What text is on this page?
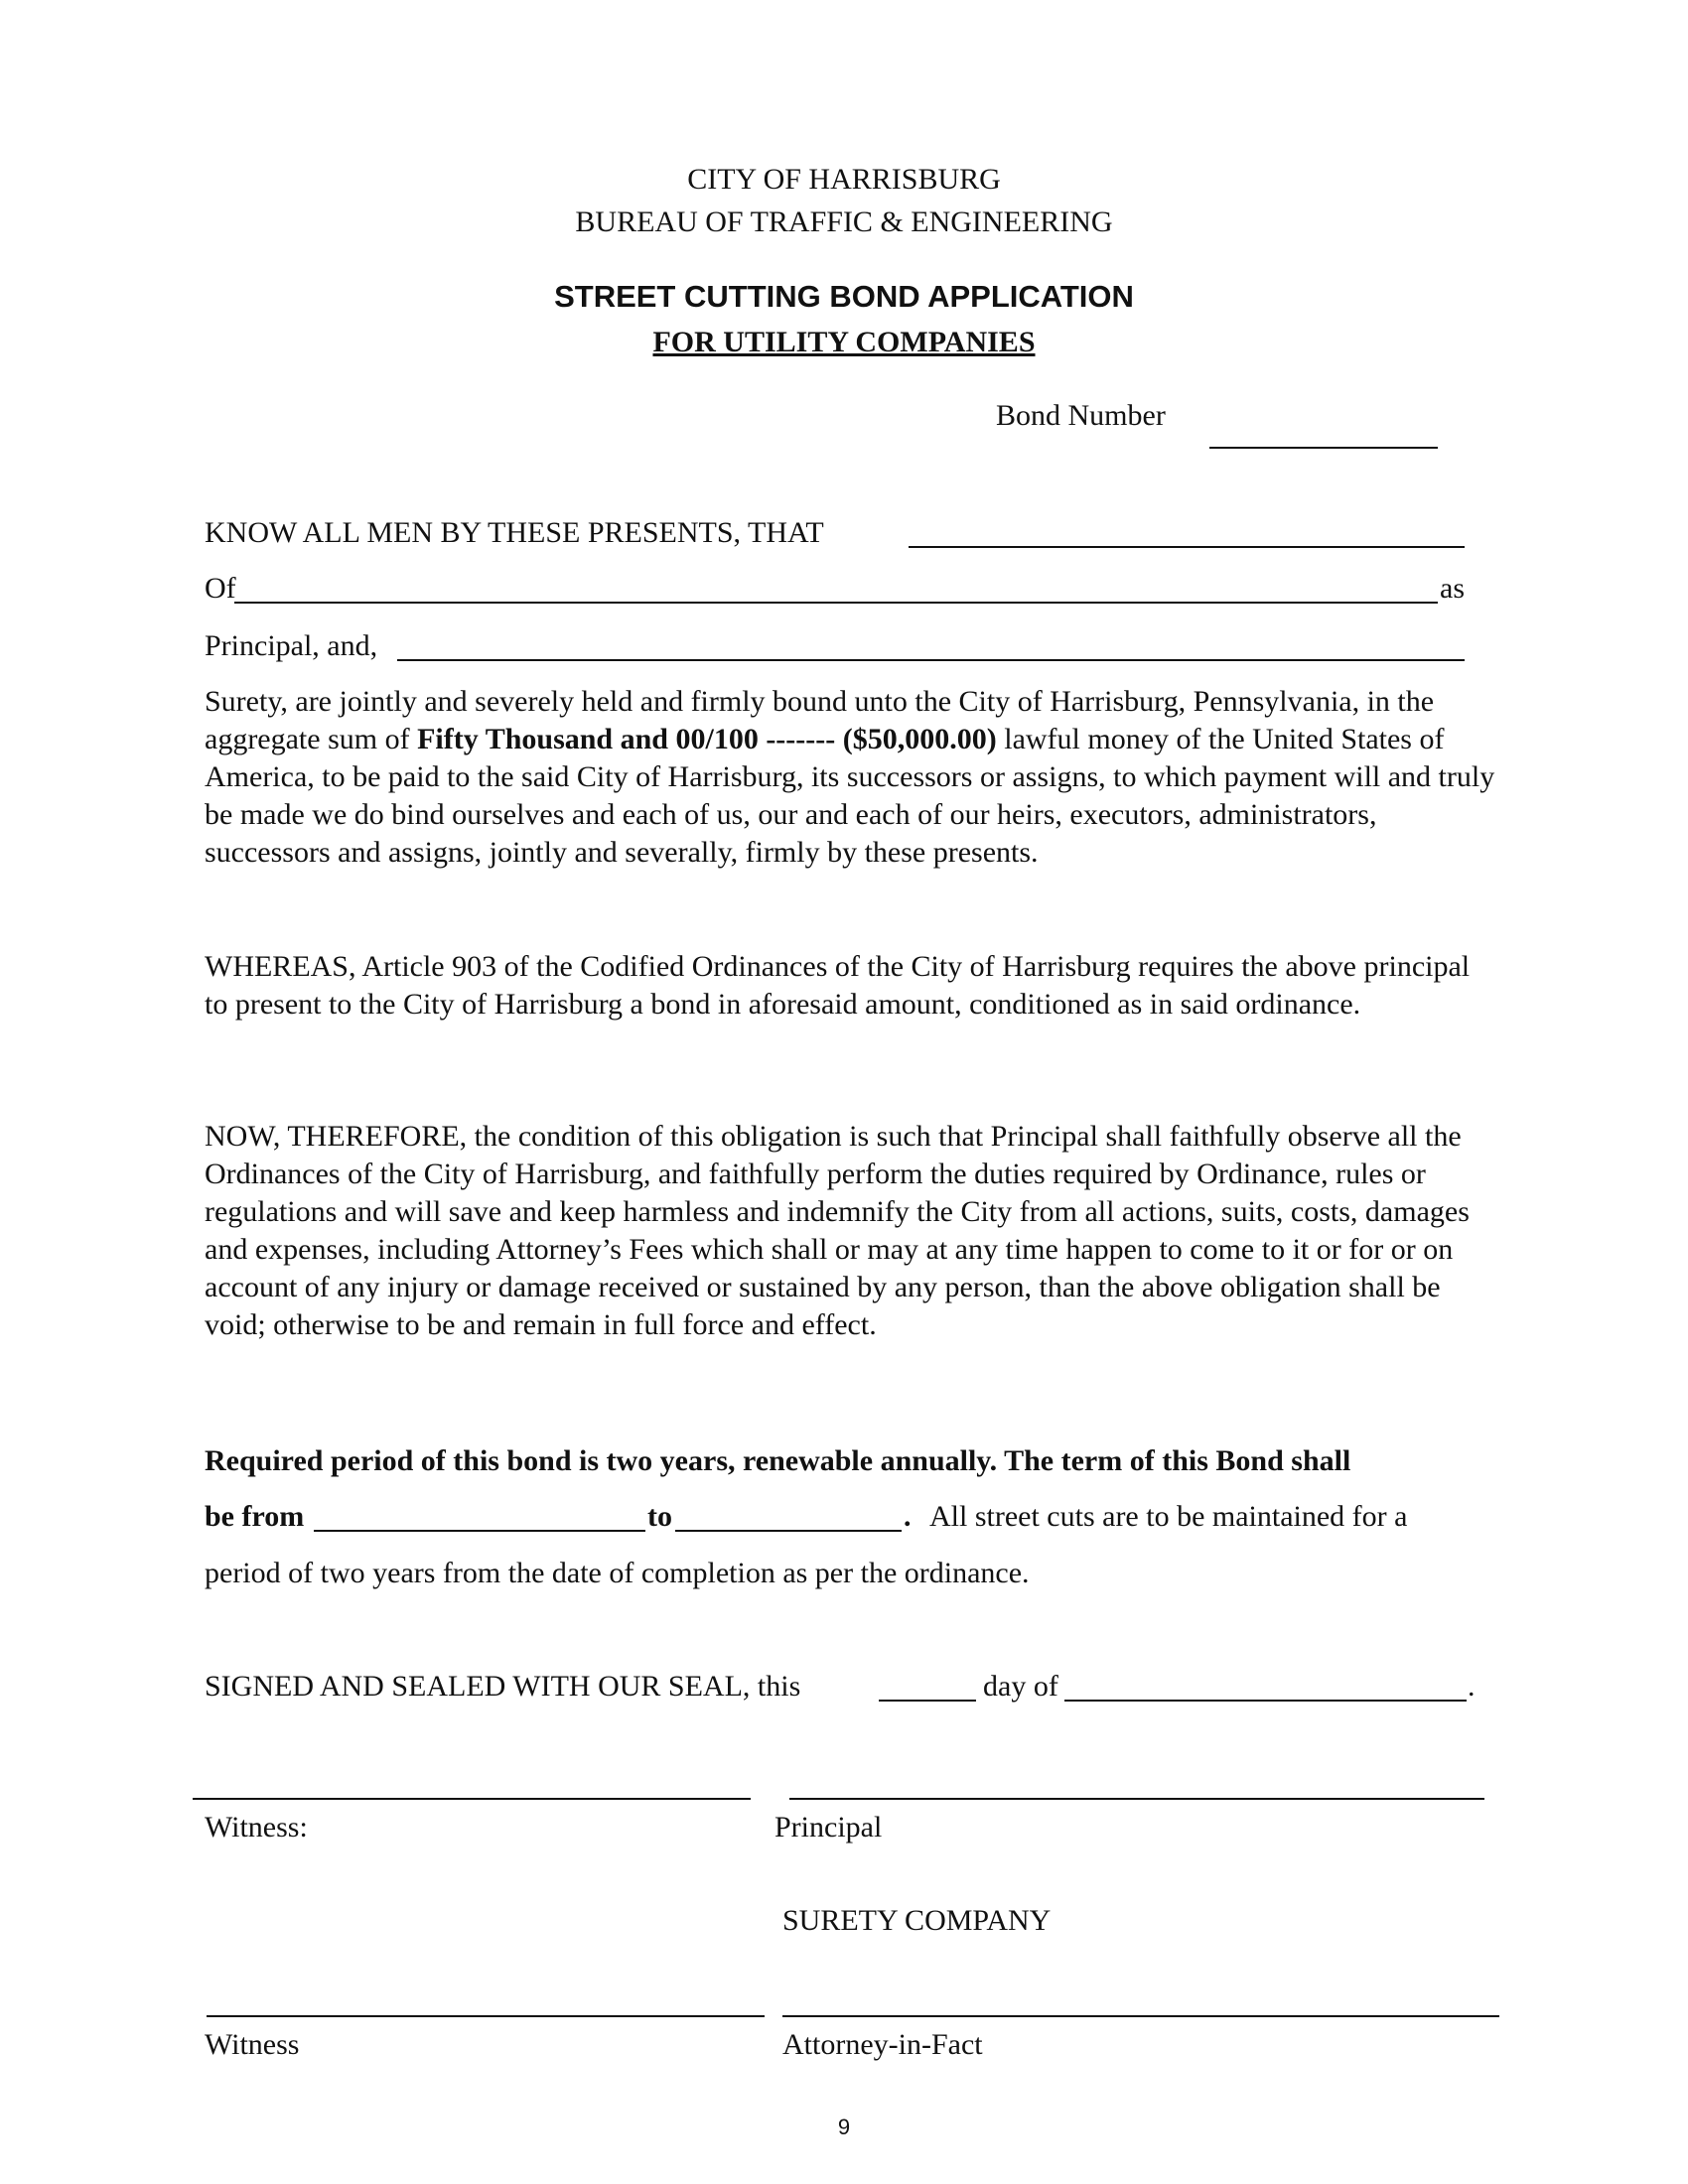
CITY OF HARRISBURG
BUREAU OF TRAFFIC & ENGINEERING
STREET CUTTING BOND APPLICATION
FOR UTILITY COMPANIES
Bond Number
KNOW ALL MEN BY THESE PRESENTS, THAT
Of	as
Principal, and,
Surety, are jointly and severely held and firmly bound unto the City of Harrisburg, Pennsylvania, in the aggregate sum of Fifty Thousand and 00/100 ------- ($50,000.00) lawful money of the United States of America, to be paid to the said City of Harrisburg, its successors or assigns, to which payment will and truly be made we do bind ourselves and each of us, our and each of our heirs, executors, administrators, successors and assigns, jointly and severally, firmly by these presents.
WHEREAS, Article 903 of the Codified Ordinances of the City of Harrisburg requires the above principal to present to the City of Harrisburg a bond in aforesaid amount, conditioned as in said ordinance.
NOW, THEREFORE, the condition of this obligation is such that Principal shall faithfully observe all the Ordinances of the City of Harrisburg, and faithfully perform the duties required by Ordinance, rules or regulations and will save and keep harmless and indemnify the City from all actions, suits, costs, damages and expenses, including Attorney’s Fees which shall or may at any time happen to come to it or for or on account of any injury or damage received or sustained by any person, than the above obligation shall be void; otherwise to be and remain in full force and effect.
Required period of this bond is two years, renewable annually. The term of this Bond shall
be from	to	. All street cuts are to be maintained for a
period of two years from the date of completion as per the ordinance.
SIGNED AND SEALED WITH OUR SEAL, this	day of	.
Witness:	Principal
SURETY COMPANY
Witness	Attorney-in-Fact
9
